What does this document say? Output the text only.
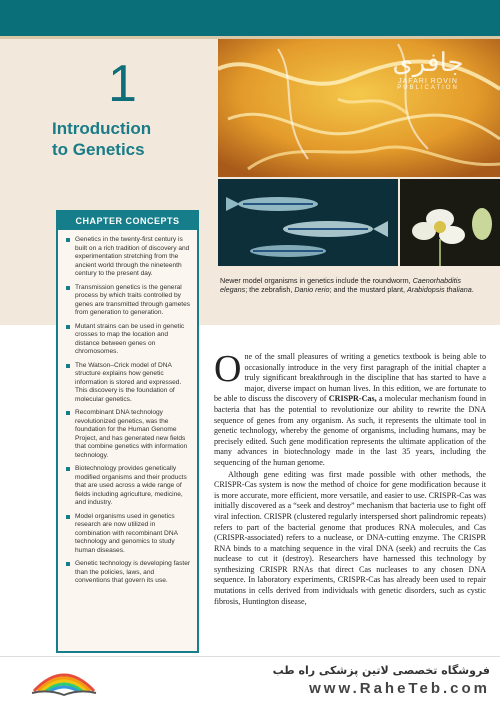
1
Introduction
to Genetics
جافری
JAFARI ROVIN
PUBLICATION
Newer model organisms in genetics include the roundworm, Caenorhabditis elegans; the zebrafish, Danio rerio; and the mustard plant, Arabidopsis thaliana.
CHAPTER CONCEPTS
Genetics in the twenty-first century is built on a rich tradition of discovery and experimentation stretching from the ancient world through the nineteenth century to the present day.
Transmission genetics is the general process by which traits controlled by genes are transmitted through gametes from generation to generation.
Mutant strains can be used in genetic crosses to map the location and distance between genes on chromosomes.
The Watson–Crick model of DNA structure explains how genetic information is stored and expressed. This discovery is the foundation of molecular genetics.
Recombinant DNA technology revolutionized genetics, was the foundation for the Human Genome Project, and has generated new fields that combine genetics with information technology.
Biotechnology provides genetically modified organisms and their products that are used across a wide range of fields including agriculture, medicine, and industry.
Model organisms used in genetics research are now utilized in combination with recombinant DNA technology and genomics to study human diseases.
Genetic technology is developing faster than the policies, laws, and conventions that govern its use.

One of the small pleasures of writing a genetics textbook is being able to occasionally introduce in the very first paragraph of the initial chapter a truly significant breakthrough in the discipline that has started to have a major, diverse impact on human lives. In this edition, we are fortunate to be able to discuss the discovery of CRISPR-Cas, a molecular mechanism found in bacteria that has the potential to revolutionize our ability to rewrite the DNA sequence of genes from any organism. As such, it represents the ultimate tool in genetic technology, whereby the genome of organisms, including humans, may be precisely edited. Such gene modification represents the ultimate application of the many advances in biotechnology made in the last 35 years, including the sequencing of the human genome.

Although gene editing was first made possible with other methods, the CRISPR-Cas system is now the method of choice for gene modification because it is more accurate, more efficient, more versatile, and easier to use. CRISPR-Cas was initially discovered as a “seek and destroy” mechanism that bacteria use to fight off viral infection. CRISPR (clustered regularly interspersed short palindromic repeats) refers to part of the bacterial genome that produces RNA molecules, and Cas (CRISPR-associated) refers to a nuclease, or DNA-cutting enzyme. The CRISPR RNA binds to a matching sequence in the viral DNA (seek) and recruits the Cas nuclease to cut it (destroy). Researchers have harnessed this technology by synthesizing CRISPR RNAs that direct Cas nucleases to any chosen DNA sequence. In laboratory experiments, CRISPR-Cas has already been used to repair mutations in cells derived from individuals with genetic disorders, such as cystic fibrosis, Huntington disease,

فروشگاه تخصصی لاتین پزشکی راه طب
www.RaheTeb.com
